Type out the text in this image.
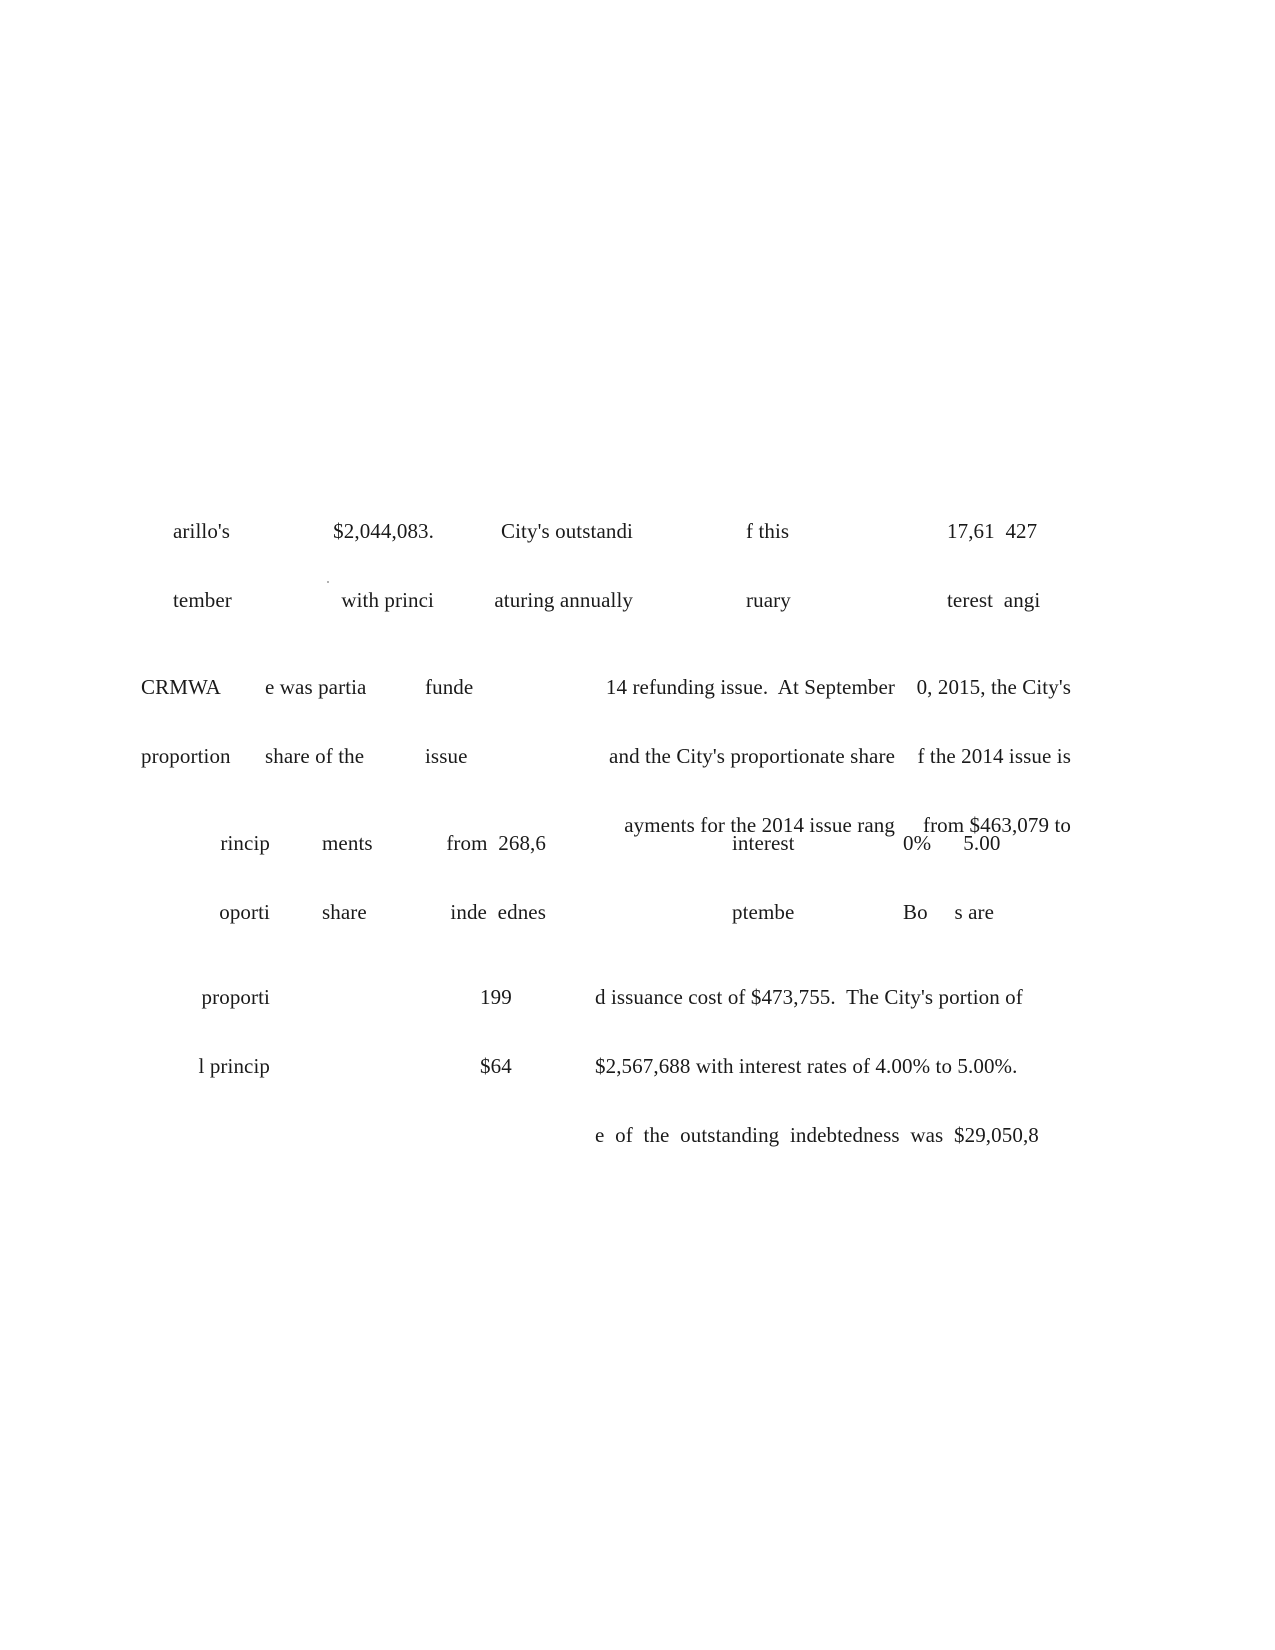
arillo's

tember

$2,044,083.

with princi

City's outstandi

aturing annually

f this

ruary

17,61  427

terest  angi

CRMWA

proportion

e was partia

share of the

funde

issue

14 refunding issue.  At September

and the City's proportionate share

ayments for the 2014 issue rang

0, 2015, the City's

f the 2014 issue is

from $463,079 to

rincip

oporti

ments

share

from  268,6

inde  ednes

interest

ptembe

0%      5.00

Bo     s are

proporti

l princip

199

$64

d issuance cost of $473,755.  The City's portion of

$2,567,688 with interest rates of 4.00% to 5.00%.

e  of  the  outstanding  indebtedness  was  $29,050,8
